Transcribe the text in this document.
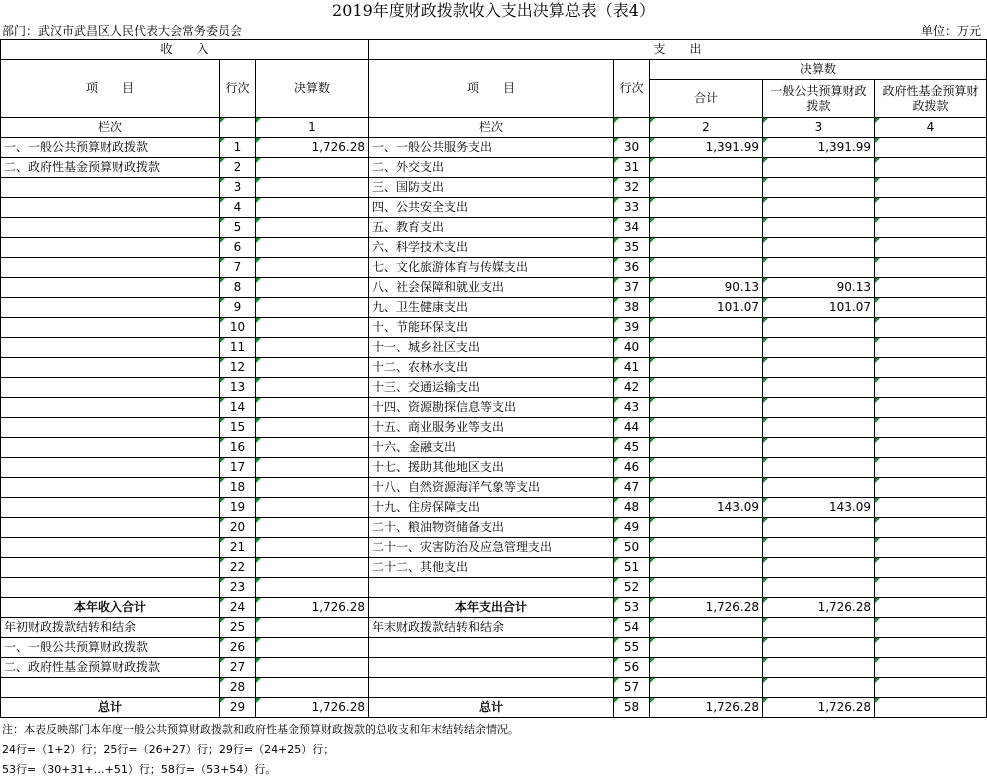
2019年度财政拨款收入支出决算总表（表4）
部门：武汉市武昌区人民代表大会常务委员会	单位：万元
收　　入			支　　出				
项　　目	行次	决算数	项　　目	行次	决算数		
					合计	一般公共预算财政拨款	政府性基金预算财政拨款
栏次		1	栏次		2	3	4
一、一般公共预算财政拨款	1	1,726.28	一、一般公共服务支出	30	1,391.99	1,391.99	
二、政府性基金预算财政拨款	2		二、外交支出	31			
	3		三、国防支出	32			
	4		四、公共安全支出	33			
	5		五、教育支出	34			
	6		六、科学技术支出	35			
	7		七、文化旅游体育与传媒支出	36			
	8		八、社会保障和就业支出	37	90.13	90.13	
	9		九、卫生健康支出	38	101.07	101.07	
	10		十、节能环保支出	39			
	11		十一、城乡社区支出	40			
	12		十二、农林水支出	41			
	13		十三、交通运输支出	42			
	14		十四、资源勘探信息等支出	43			
	15		十五、商业服务业等支出	44			
	16		十六、金融支出	45			
	17		十七、援助其他地区支出	46			
	18		十八、自然资源海洋气象等支出	47			
	19		十九、住房保障支出	48	143.09	143.09	
	20		二十、粮油物资储备支出	49			
	21		二十一、灾害防治及应急管理支出	50			
	22		二十二、其他支出	51			
	23			52			
本年收入合计	24	1,726.28	本年支出合计	53	1,726.28	1,726.28	
年初财政拨款结转和结余	25		年末财政拨款结转和结余	54			
一、一般公共预算财政拨款	26			55			
二、政府性基金预算财政拨款	27			56			
	28			57			
总计	29	1,726.28	总计	58	1,726.28	1,726.28	
注：本表反映部门本年度一般公共预算财政拨款和政府性基金预算财政拨款的总收支和年末结转结余情况。
24行=（1+2）行；25行=（26+27）行；29行=（24+25）行；
53行=（30+31+…+51）行；58行=（53+54）行。
